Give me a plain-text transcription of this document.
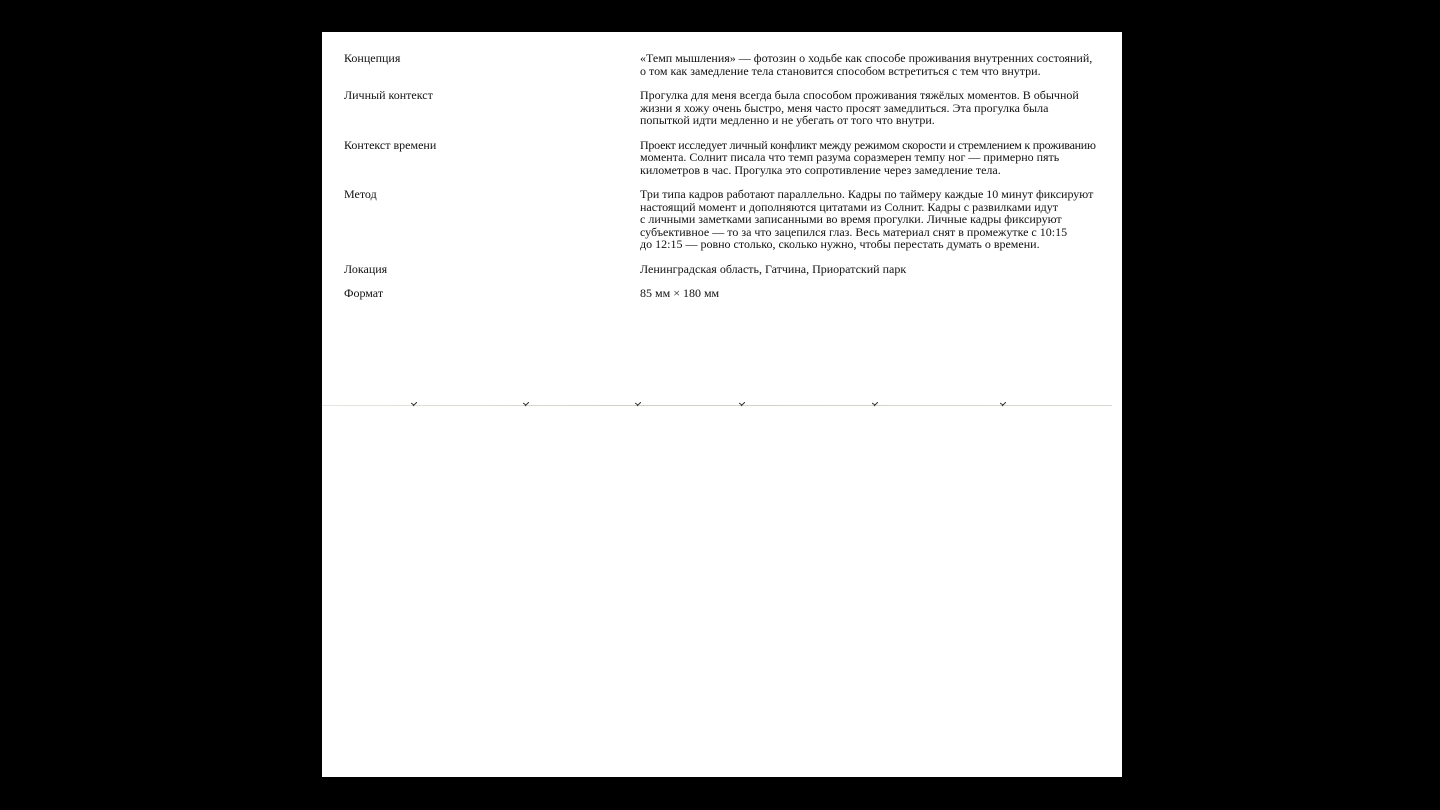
Концепция	«Темп мышления» — фотозин о ходьбе как способе проживания внутренних состояний,
о том как замедление тела становится способом встретиться с тем что внутри.
Личный контекст	Прогулка для меня всегда была способом проживания тяжёлых моментов. В обычной
жизни я хожу очень быстро, меня часто просят замедлиться. Эта прогулка была
попыткой идти медленно и не убегать от того что внутри.
Контекст времени	Проект исследует личный конфликт между режимом скорости и стремлением к проживанию
момента. Солнит писала что темп разума соразмерен темпу ног — примерно пять
километров в час. Прогулка это сопротивление через замедление тела.
Метод	Три типа кадров работают параллельно. Кадры по таймеру каждые 10 минут фиксируют
настоящий момент и дополняются цитатами из Солнит. Кадры с развилками идут
с личными заметками записанными во время прогулки. Личные кадры фиксируют
субъективное — то за что зацепился глаз. Весь материал снят в промежутке с 10:15
до 12:15 — ровно столько, сколько нужно, чтобы перестать думать о времени.
Локация	Ленинградская область, Гатчина, Приоратский парк
Формат	85 мм × 180 мм
